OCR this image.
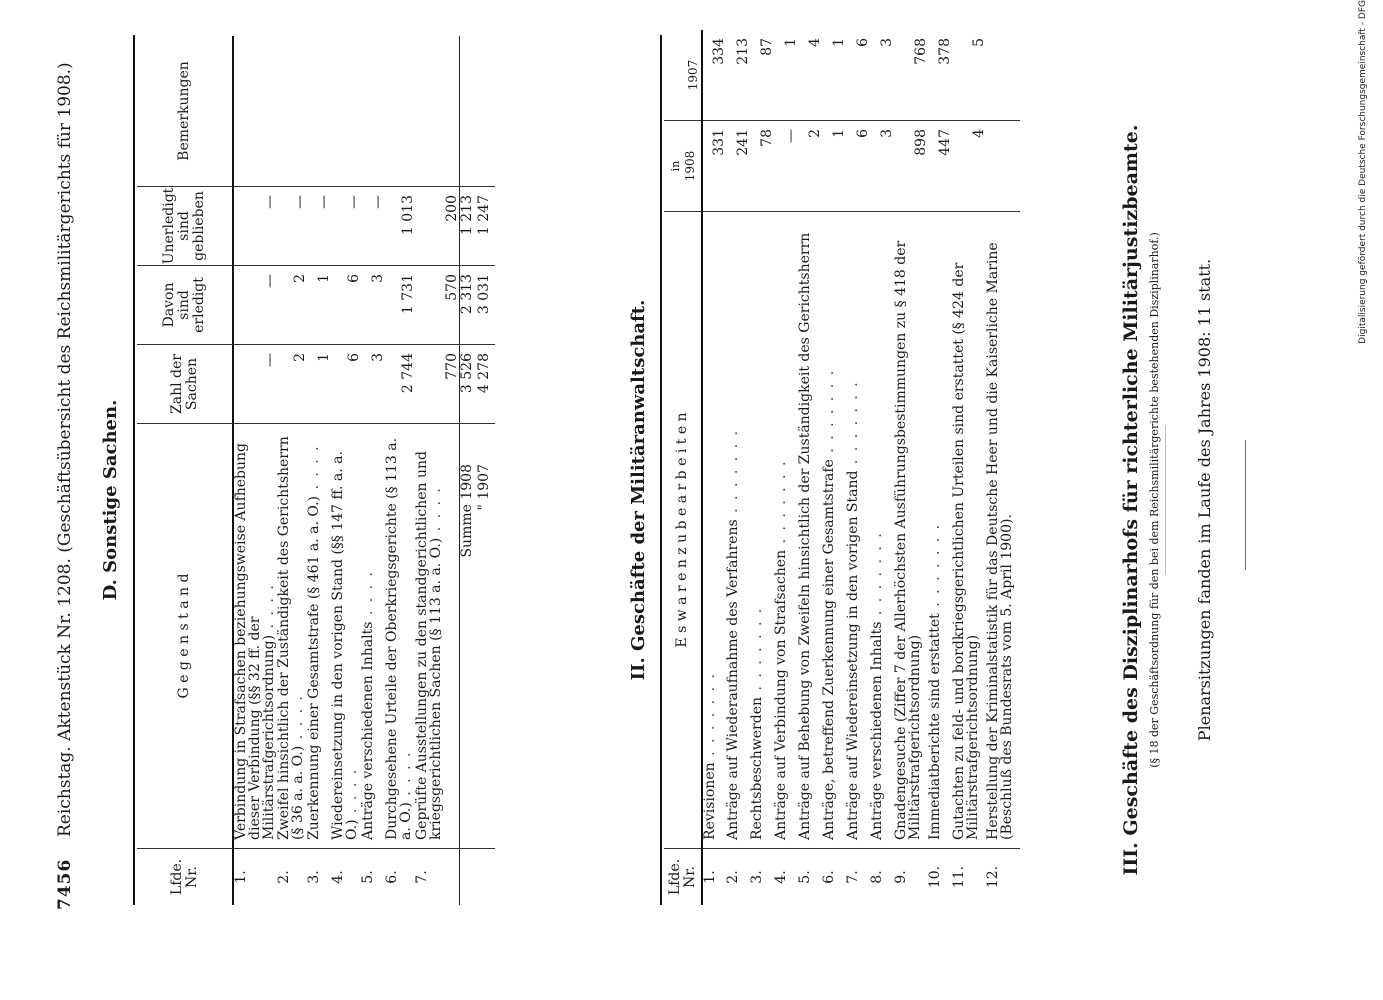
7456    Reichstag. Aktenstück Nr. 1208. (Geschäftsübersicht des Reichsmilitärgerichts für 1908.) D. Sonstige Sachen.
Lfde. Nr.	G e g e n s t a n d	Zahl der Sachen	Davon sind erledigt	Unerledigt sind geblieben	Bemerkungen
1.	Verbindung in Strafsachen beziehungsweise Aufhebung dieser Verbindung (§§ 32 ff. der Militärstrafgerichtsordnung) . . . .	—	—	—	
2.	Zweifel hinsichtlich der Zuständigkeit des Gerichtsherrn (§ 36 a. a. O.) . . . .	2	2	—	
3.	Zuerkennung einer Gesamtstrafe (§ 461 a. a. O.) . . . .	1	1	—	
4.	Wiedereinsetzung in den vorigen Stand (§§ 147 ff. a. a. O.) . . . .	6	6	—	
5.	Anträge verschiedenen Inhalts . . . .	3	3	—	
6.	Durchgesehene Urteile der Oberkriegsgerichte (§ 113 a. a. O.) . . . .	2 744	1 731	1 013	
7.	Geprüfte Ausstellungen zu den standgerichtlichen und kriegsgerichtlichen Sachen (§ 113 a. a. O.) . . . .	770	570	200	
	Summe 1908	3 526	2 313	1 213	
	" 1907	4 278	3 031	1 247	
II. Geschäfte der Militäranwaltschaft.
Lfde. Nr.	E s w a r e n z u b e a r b e i t e n	in 1908	1907

1.	Revisionen . . . . . . .	331	334
2.	Anträge auf Wiederaufnahme des Verfahrens . . . . . . .	241	213
3.	Rechtsbeschwerden . . . . . . .	78	87
4.	Anträge auf Verbindung von Strafsachen . . . . . . .	—	1
5.	Anträge auf Behebung von Zweifeln hinsichtlich der Zuständigkeit des Gerichtsherrn	2	4
6.	Anträge, betreffend Zuerkennung einer Gesamtstrafe . . . . . . .	1	1
7.	Anträge auf Wiedereinsetzung in den vorigen Stand . . . . . . .	6	6
8.	Anträge verschiedenen Inhalts . . . . . . .	3	3
9.	Gnadengesuche (Ziffer 7 der Allerhöchsten Ausführungsbestimmungen zu § 418 der Militärstrafgerichtsordnung)	898	768
10.	Immediatberichte sind erstattet . . . . . . .	447	378
11.	Gutachten zu feld- und bordkriegsgerichtlichen Urteilen sind erstattet (§ 424 der Militärstrafgerichtsordnung)	4	5
12.	Herstellung der Kriminalstatistik für das Deutsche Heer und die Kaiserliche Marine (Beschluß des Bundesrats vom 5. April 1900).			III. Geschäfte des Disziplinarhofs für richterliche Militärjustizbeamte. (§ 18 der Geschäftsordnung für den bei dem Reichsmilitärgerichte bestehenden Disziplinarhof.) Plenarsitzungen fanden im Laufe des Jahres 1908: 11 statt.
Digitalisierung gefördert durch die Deutsche Forschungsgemeinschaft - DFG
